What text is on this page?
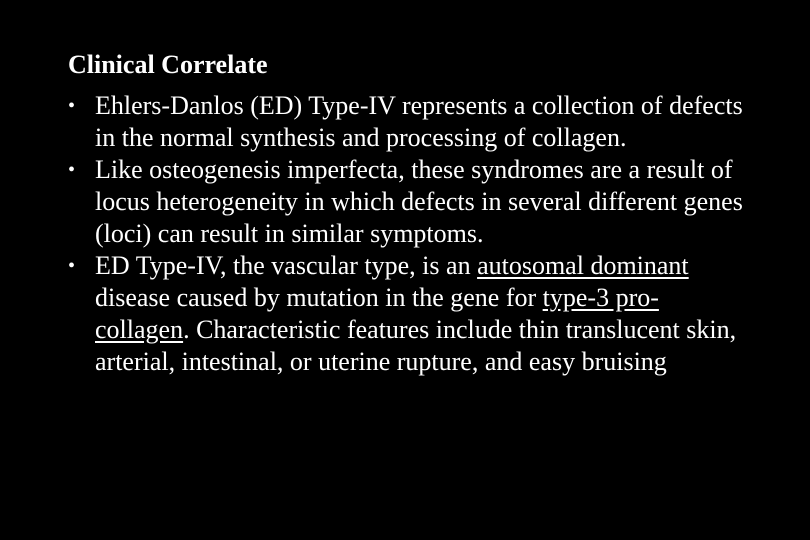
Clinical Correlate
• Ehlers-Danlos (ED) Type-IV represents a collection of defects in the normal synthesis and processing of collagen.
• Like osteogenesis imperfecta, these syndromes are a result of locus heterogeneity in which defects in several different genes (loci) can result in similar symptoms.
• ED Type-IV, the vascular type, is an autosomal dominant disease caused by mutation in the gene for type-3 pro-collagen. Characteristic features include thin translucent skin, arterial, intestinal, or uterine rupture, and easy bruising
